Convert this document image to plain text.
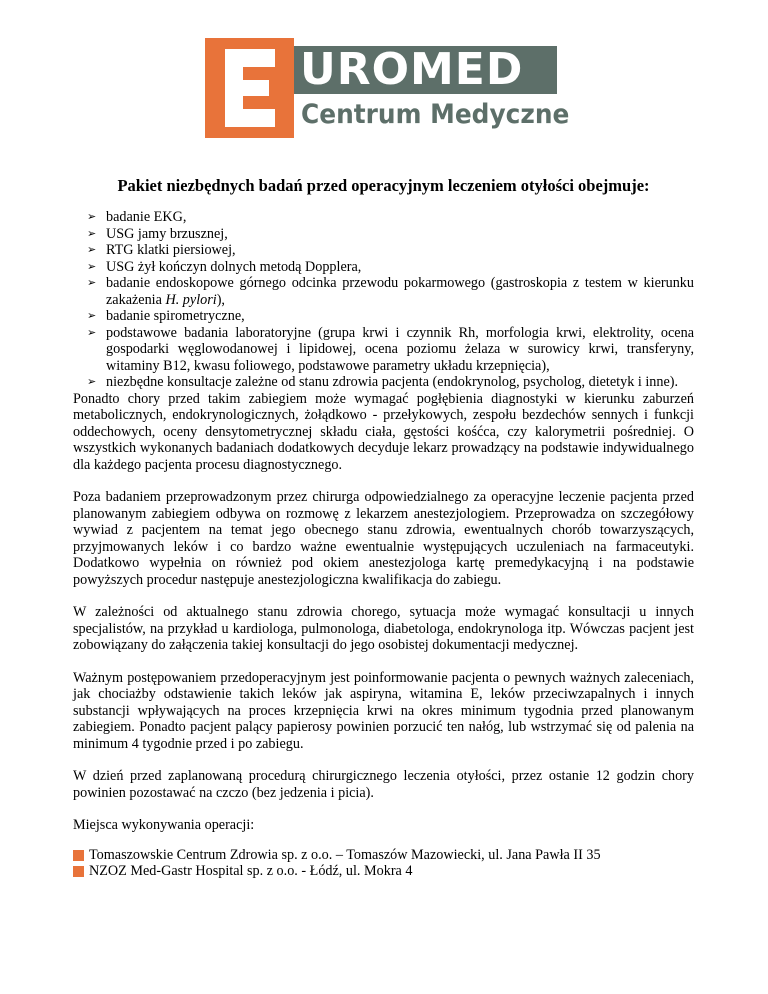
UROMED
Centrum Medyczne
Pakiet niezbędnych badań przed operacyjnym leczeniem otyłości obejmuje:
➢ badanie EKG,
➢ USG jamy brzusznej,
➢ RTG klatki piersiowej,
➢ USG żył kończyn dolnych metodą Dopplera,
➢ badanie endoskopowe górnego odcinka przewodu pokarmowego (gastroskopia z testem w kierunku zakażenia H. pylori),
➢ badanie spirometryczne,
➢ podstawowe badania laboratoryjne (grupa krwi i czynnik Rh, morfologia krwi, elektrolity, ocena gospodarki węglowodanowej i lipidowej, ocena poziomu żelaza w surowicy krwi, transferyny, witaminy B12, kwasu foliowego, podstawowe parametry układu krzepnięcia),
➢ niezbędne konsultacje zależne od stanu zdrowia pacjenta (endokrynolog, psycholog, dietetyk i inne).

Ponadto chory przed takim zabiegiem może wymagać pogłębienia diagnostyki w kierunku zaburzeń metabolicznych, endokrynologicznych, żołądkowo - przełykowych, zespołu bezdechów sennych i funkcji oddechowych, oceny densytometrycznej składu ciała, gęstości kośćca, czy kalorymetrii pośredniej. O wszystkich wykonanych badaniach dodatkowych decyduje lekarz prowadzący na podstawie indywidualnego dla każdego pacjenta procesu diagnostycznego.

Poza badaniem przeprowadzonym przez chirurga odpowiedzialnego za operacyjne leczenie pacjenta przed planowanym zabiegiem odbywa on rozmowę z lekarzem anestezjologiem. Przeprowadza on szczegółowy wywiad z pacjentem na temat jego obecnego stanu zdrowia, ewentualnych chorób towarzyszących, przyjmowanych leków i co bardzo ważne ewentualnie występujących uczuleniach na farmaceutyki. Dodatkowo wypełnia on również pod okiem anestezjologa kartę premedykacyjną i na podstawie powyższych procedur następuje anestezjologiczna kwalifikacja do zabiegu.

W zależności od aktualnego stanu zdrowia chorego, sytuacja może wymagać konsultacji u innych specjalistów, na przykład u kardiologa, pulmonologa, diabetologa, endokrynologa itp. Wówczas pacjent jest zobowiązany do załączenia takiej konsultacji do jego osobistej dokumentacji medycznej.

Ważnym postępowaniem przedoperacyjnym jest poinformowanie pacjenta o pewnych ważnych zaleceniach, jak chociażby odstawienie takich leków jak aspiryna, witamina E, leków przeciwzapalnych i innych substancji wpływających na proces krzepnięcia krwi na okres minimum tygodnia przed planowanym zabiegiem. Ponadto pacjent palący papierosy powinien porzucić ten nałóg, lub wstrzymać się od palenia na minimum 4 tygodnie przed i po zabiegu.

W dzień przed zaplanowaną procedurą chirurgicznego leczenia otyłości, przez ostanie 12 godzin chory powinien pozostawać na czczo (bez jedzenia i picia).

Miejsca wykonywania operacji:

Tomaszowskie Centrum Zdrowia sp. z o.o. – Tomaszów Mazowiecki, ul. Jana Pawła II 35
NZOZ Med-Gastr Hospital sp. z o.o. - Łódź, ul. Mokra 4
